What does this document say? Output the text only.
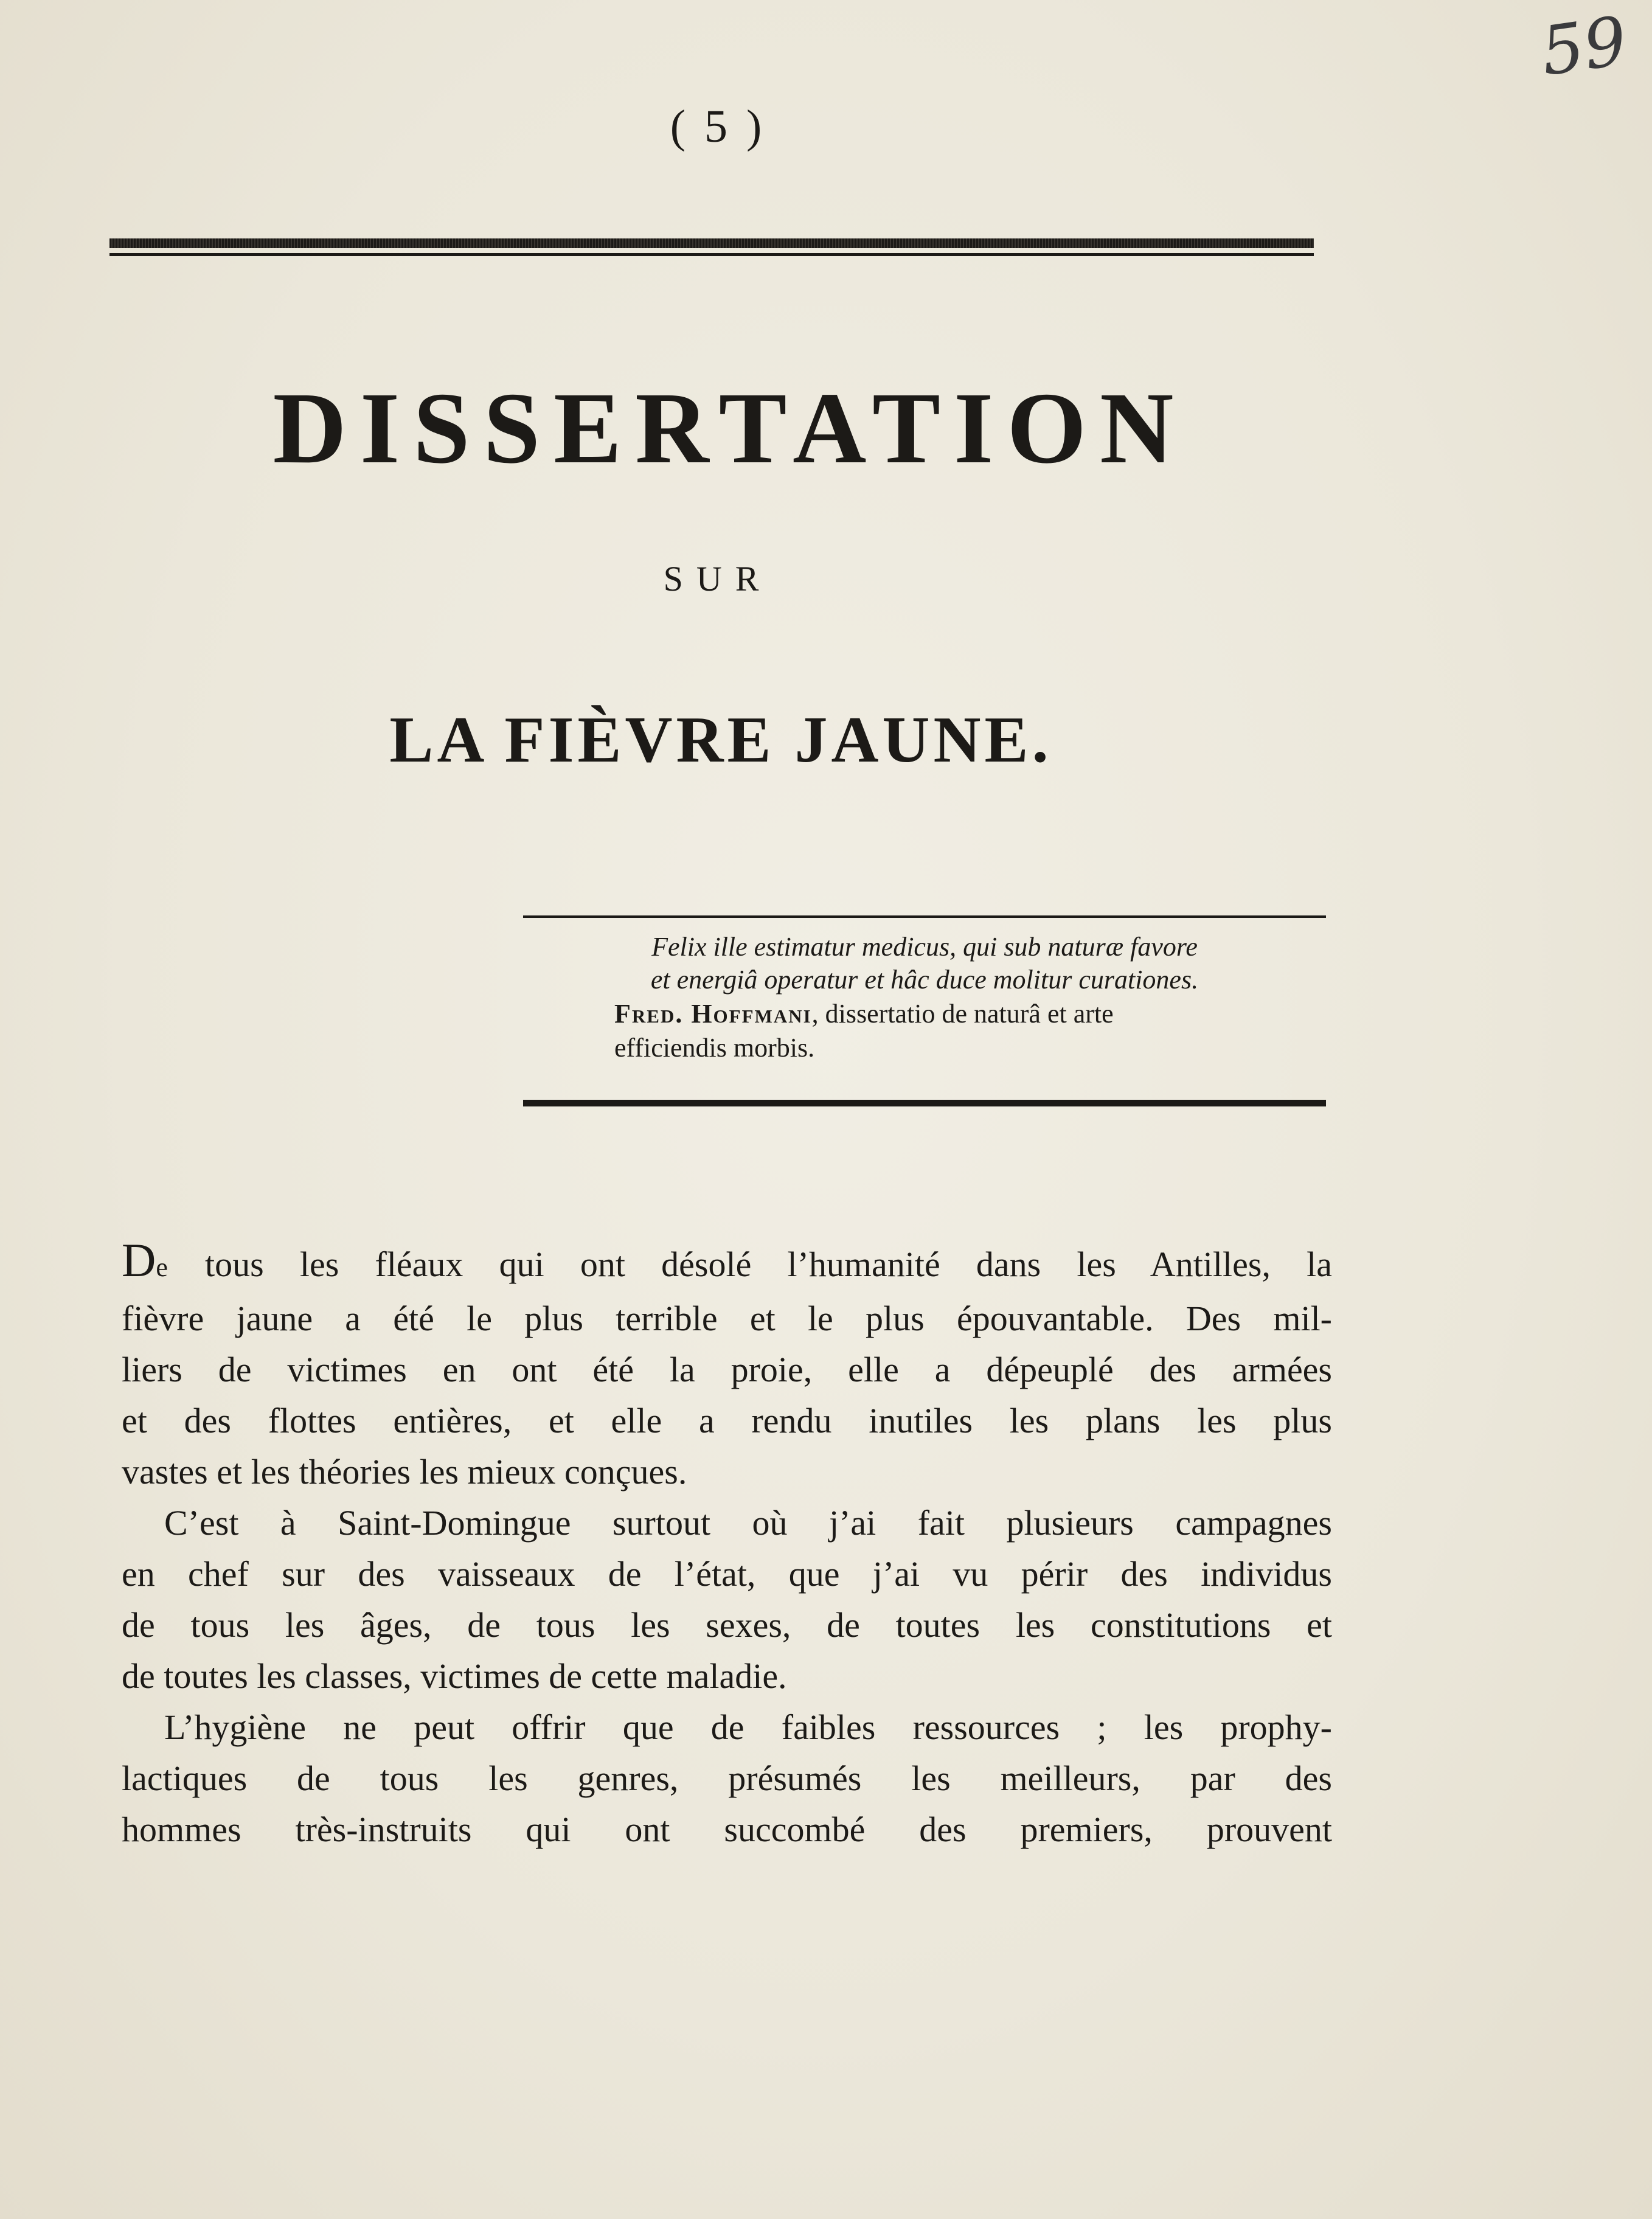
59
( 5 )
DISSERTATION
SUR
LA FIÈVRE JAUNE.
Felix ille estimatur medicus, qui sub naturæ favore
et energiâ operatur et hâc duce molitur curationes.
Fred. Hoffmani, dissertatio de naturâ et arte
efficiendis morbis.
De tous les fléaux qui ont désolé l’humanité dans les Antilles, la
fièvre jaune a été le plus terrible et le plus épouvantable. Des mil-
liers de victimes en ont été la proie, elle a dépeuplé des armées
et des flottes entières, et elle a rendu inutiles les plans les plus
vastes et les théories les mieux conçues.
C’est à Saint-Domingue surtout où j’ai fait plusieurs campagnes
en chef sur des vaisseaux de l’état, que j’ai vu périr des individus
de tous les âges, de tous les sexes, de toutes les constitutions et
de toutes les classes, victimes de cette maladie.
L’hygiène ne peut offrir que de faibles ressources ; les prophy-
lactiques de tous les genres, présumés les meilleurs, par des
hommes très-instruits qui ont succombé des premiers, prouvent
